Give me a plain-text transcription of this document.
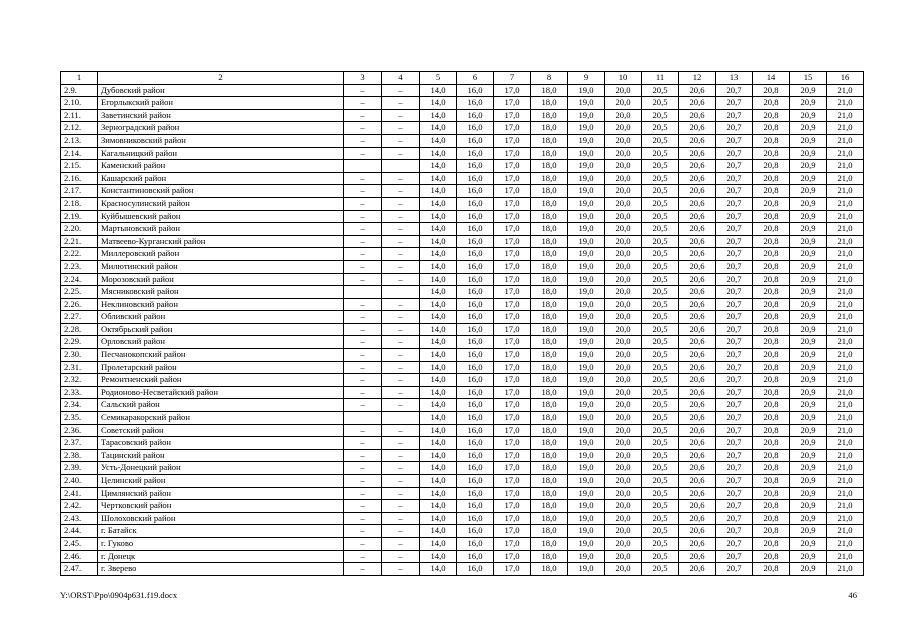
1	2	3	4	5	6	7	8	9	10	11	12	13	14	15	16
2.9.	Дубовский район	–	–	14,0	16,0	17,0	18,0	19,0	20,0	20,5	20,6	20,7	20,8	20,9	21,0
2.10.	Егорлыкский район	–	–	14,0	16,0	17,0	18,0	19,0	20,0	20,5	20,6	20,7	20,8	20,9	21,0
2.11.	Заветинский район	–	–	14,0	16,0	17,0	18,0	19,0	20,0	20,5	20,6	20,7	20,8	20,9	21,0
2.12.	Зерноградский район	–	–	14,0	16,0	17,0	18,0	19,0	20,0	20,5	20,6	20,7	20,8	20,9	21,0
2.13.	Зимовниковский район	–	–	14,0	16,0	17,0	18,0	19,0	20,0	20,5	20,6	20,7	20,8	20,9	21,0
2.14.	Кагальницкий район	–	–	14,0	16,0	17,0	18,0	19,0	20,0	20,5	20,6	20,7	20,8	20,9	21,0
2.15.	Каменский район			14,0	16,0	17,0	18,0	19,0	20,0	20,5	20,6	20,7	20,8	20,9	21,0
2.16.	Кашарский район	–	–	14,0	16,0	17,0	18,0	19,0	20,0	20,5	20,6	20,7	20,8	20,9	21,0
2.17.	Константиновский район	–	–	14,0	16,0	17,0	18,0	19,0	20,0	20,5	20,6	20,7	20,8	20,9	21,0
2.18.	Красносулинский район	–	–	14,0	16,0	17,0	18,0	19,0	20,0	20,5	20,6	20,7	20,8	20,9	21,0
2.19.	Куйбышевский район	–	–	14,0	16,0	17,0	18,0	19,0	20,0	20,5	20,6	20,7	20,8	20,9	21,0
2.20.	Мартыновский район	–	–	14,0	16,0	17,0	18,0	19,0	20,0	20,5	20,6	20,7	20,8	20,9	21,0
2.21.	Матвеево-Курганский район	–	–	14,0	16,0	17,0	18,0	19,0	20,0	20,5	20,6	20,7	20,8	20,9	21,0
2.22.	Миллеровский район	–	–	14,0	16,0	17,0	18,0	19,0	20,0	20,5	20,6	20,7	20,8	20,9	21,0
2.23.	Милютинский район	–	–	14,0	16,0	17,0	18,0	19,0	20,0	20,5	20,6	20,7	20,8	20,9	21,0
2.24.	Морозовский район	–	–	14,0	16,0	17,0	18,0	19,0	20,0	20,5	20,6	20,7	20,8	20,9	21,0
2.25.	Мясниковский район			14,0	16,0	17,0	18,0	19,0	20,0	20,5	20,6	20,7	20,8	20,9	21,0
2.26.	Неклиновский район	–	–	14,0	16,0	17,0	18,0	19,0	20,0	20,5	20,6	20,7	20,8	20,9	21,0
2.27.	Обливский район	–	–	14,0	16,0	17,0	18,0	19,0	20,0	20,5	20,6	20,7	20,8	20,9	21,0
2.28.	Октябрьский район	–	–	14,0	16,0	17,0	18,0	19,0	20,0	20,5	20,6	20,7	20,8	20,9	21,0
2.29.	Орловский район	–	–	14,0	16,0	17,0	18,0	19,0	20,0	20,5	20,6	20,7	20,8	20,9	21,0
2.30.	Песчанокопский район	–	–	14,0	16,0	17,0	18,0	19,0	20,0	20,5	20,6	20,7	20,8	20,9	21,0
2.31.	Пролетарский район	–	–	14,0	16,0	17,0	18,0	19,0	20,0	20,5	20,6	20,7	20,8	20,9	21,0
2.32.	Ремонтненский район	–	–	14,0	16,0	17,0	18,0	19,0	20,0	20,5	20,6	20,7	20,8	20,9	21,0
2.33.	Родионово-Несветайский район	–	–	14,0	16,0	17,0	18,0	19,0	20,0	20,5	20,6	20,7	20,8	20,9	21,0
2.34.	Сальский район	–	–	14,0	16,0	17,0	18,0	19,0	20,0	20,5	20,6	20,7	20,8	20,9	21,0
2.35.	Семикаракорский район			14,0	16,0	17,0	18,0	19,0	20,0	20,5	20,6	20,7	20,8	20,9	21,0
2.36.	Советский район	–	–	14,0	16,0	17,0	18,0	19,0	20,0	20,5	20,6	20,7	20,8	20,9	21,0
2.37.	Тарасовский район	–	–	14,0	16,0	17,0	18,0	19,0	20,0	20,5	20,6	20,7	20,8	20,9	21,0
2.38.	Тацинский район	–	–	14,0	16,0	17,0	18,0	19,0	20,0	20,5	20,6	20,7	20,8	20,9	21,0
2.39.	Усть-Донецкий район	–	–	14,0	16,0	17,0	18,0	19,0	20,0	20,5	20,6	20,7	20,8	20,9	21,0
2.40.	Целинский район	–	–	14,0	16,0	17,0	18,0	19,0	20,0	20,5	20,6	20,7	20,8	20,9	21,0
2.41.	Цимлянский район	–	–	14,0	16,0	17,0	18,0	19,0	20,0	20,5	20,6	20,7	20,8	20,9	21,0
2.42.	Чертковский район	–	–	14,0	16,0	17,0	18,0	19,0	20,0	20,5	20,6	20,7	20,8	20,9	21,0
2.43.	Шолоховский район	–	–	14,0	16,0	17,0	18,0	19,0	20,0	20,5	20,6	20,7	20,8	20,9	21,0
2.44.	г. Батайск	–	–	14,0	16,0	17,0	18,0	19,0	20,0	20,5	20,6	20,7	20,8	20,9	21,0
2.45.	г. Гуково	–	–	14,0	16,0	17,0	18,0	19,0	20,0	20,5	20,6	20,7	20,8	20,9	21,0
2.46.	г. Донецк	–	–	14,0	16,0	17,0	18,0	19,0	20,0	20,5	20,6	20,7	20,8	20,9	21,0
2.47.	г. Зверево	–	–	14,0	16,0	17,0	18,0	19,0	20,0	20,5	20,6	20,7	20,8	20,9	21,0
Y:\ORST\Ppo\0904p631.f19.docx	46
